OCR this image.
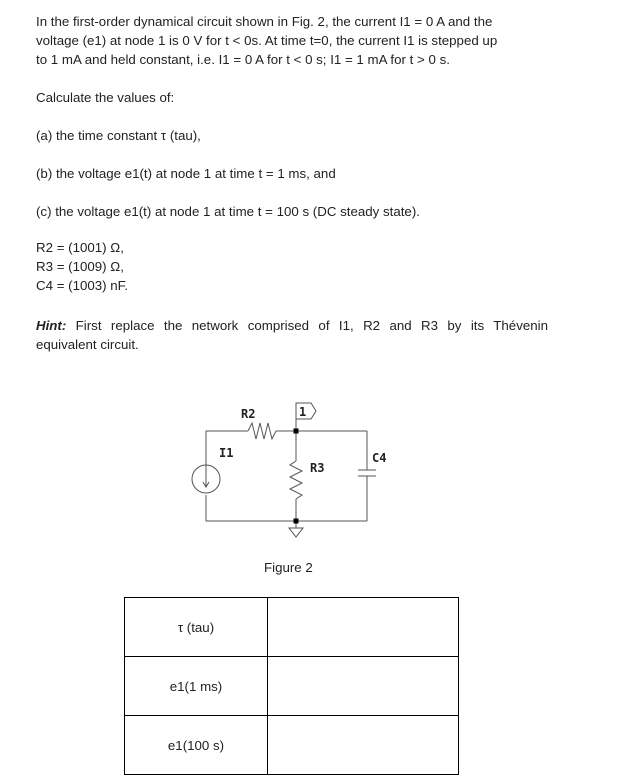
In the first-order dynamical circuit shown in Fig. 2, the current I1 = 0 A and the

voltage (e1) at node 1 is 0 V for t < 0s. At time t=0, the current I1 is stepped up

to 1 mA and held constant, i.e. I1 = 0 A for t < 0 s; I1 = 1 mA for t > 0 s.

Calculate the values of:

(a) the time constant τ (tau),

(b) the voltage e1(t) at node 1 at time t = 1 ms, and

(c) the voltage e1(t) at node 1 at time t = 100 s (DC steady state).

R2 = (1001) Ω,

R3 = (1009) Ω,

C4 = (1003) nF.

Hint: First replace the network comprised of I1, R2 and R3 by its Thévenin

equivalent circuit.

R2
I1
R3
C4
1
Figure 2
τ (tau)	
e1(1 ms)	
e1(100 s)	
